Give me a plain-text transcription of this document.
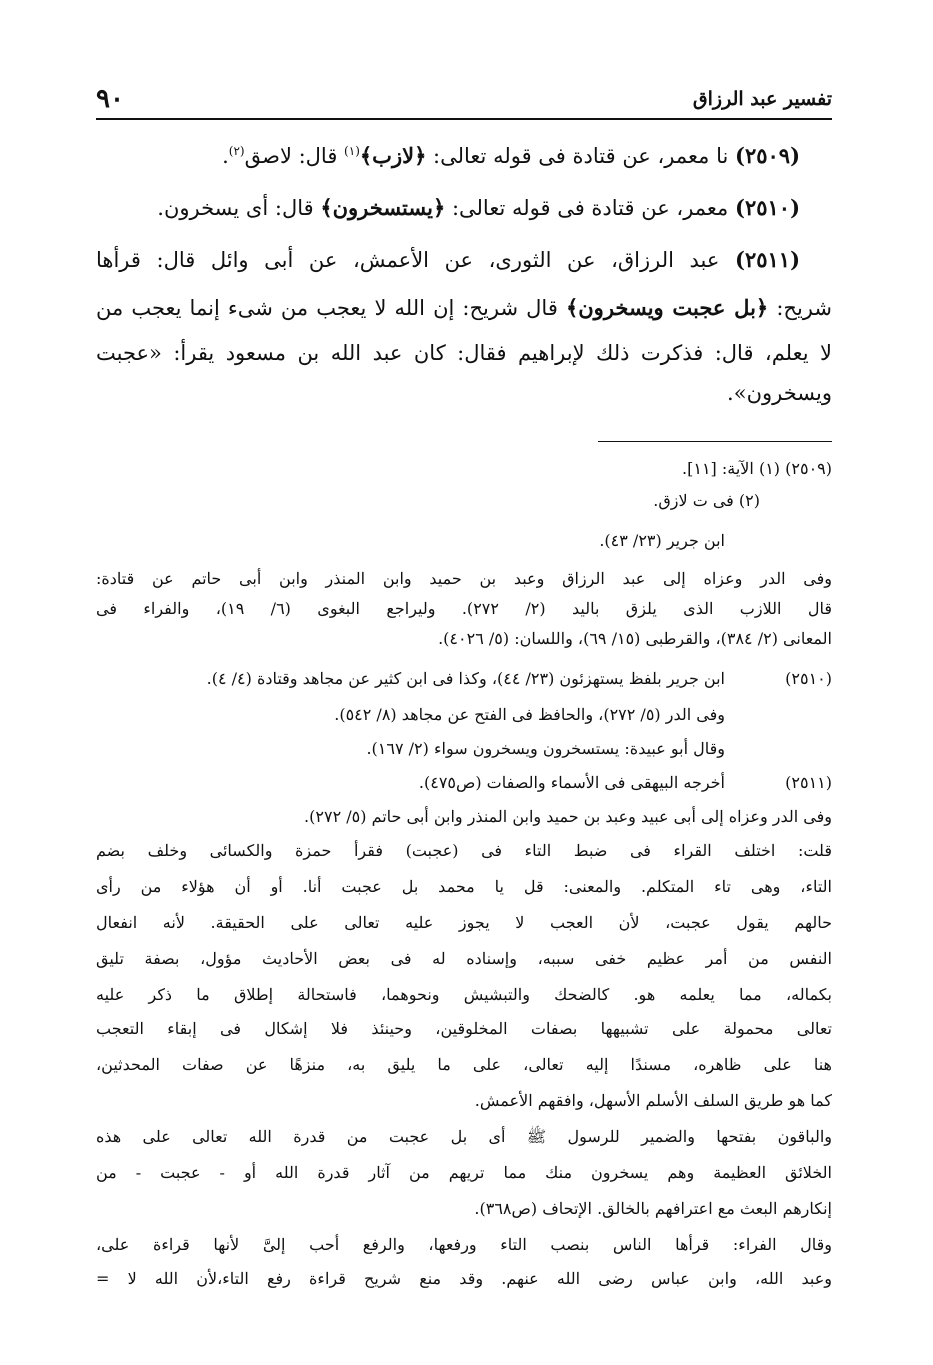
٩٠	تفسير عبد الرزاق
(٢٥٠٩) نا معمر، عن قتادة فى قوله تعالى: ﴿لازب﴾$^{(١)}$ قال: لاصق$^{(٢)}$.
(٢٥١٠) معمر، عن قتادة فى قوله تعالى: ﴿يستسخرون﴾ قال: أى يسخرون.
(٢٥١١) عبد الرزاق، عن الثورى، عن الأعمش، عن أبى وائل قال: قرأها
شريح: ﴿بل عجبت ويسخرون﴾ قال شريح: إن الله لا يعجب من شىء إنما يعجب من
لا يعلم، قال: فذكرت ذلك لإبراهيم فقال: كان عبد الله بن مسعود يقرأ: «عجبت
ويسخرون».
(٢٥٠٩) (١) الآية: [١١].
(٢) فى ت لازق.
ابن جرير (٢٣/ ٤٣).
وفى الدر وعزاه إلى عبد الرزاق وعبد بن حميد وابن المنذر وابن أبى حاتم عن قتادة:
قال اللازب الذى يلزق باليد (٢/ ٢٧٢). وليراجع البغوى (٦/ ١٩)، والفراء فى
المعانى (٢/ ٣٨٤)، والقرطبى (١٥/ ٦٩)، واللسان: (٥/ ٤٠٢٦).
(٢٥١٠)
ابن جرير بلفظ يستهزئون (٢٣/ ٤٤)، وكذا فى ابن كثير عن مجاهد وقتادة (٤/ ٤).
وفى الدر (٥/ ٢٧٢)، والحافظ فى الفتح عن مجاهد (٨/ ٥٤٢).
وقال أبو عبيدة: يستسخرون ويسخرون سواء (٢/ ١٦٧).
(٢٥١١)
أخرجه البيهقى فى الأسماء والصفات (ص٤٧٥).
وفى الدر وعزاه إلى أبى عبيد وعبد بن حميد وابن المنذر وابن أبى حاتم (٥/ ٢٧٢).
قلت: اختلف القراء فى ضبط التاء فى (عجبت) فقرأ حمزة والكسائى وخلف بضم
التاء، وهى تاء المتكلم. والمعنى: قل يا محمد بل عجبت أنا. أو أن هؤلاء من رأى
حالهم يقول عجبت، لأن العجب لا يجوز عليه تعالى على الحقيقة. لأنه انفعال
النفس من أمر عظيم خفى سببه، وإسناده له فى بعض الأحاديث مؤول، بصفة تليق
بكماله، مما يعلمه هو. كالضحك والتبشيش ونحوهما، فاستحالة إطلاق ما ذكر عليه
تعالى محمولة على تشبيهها بصفات المخلوقين، وحينئذ فلا إشكال فى إبقاء التعجب
هنا على ظاهره، مسندًا إليه تعالى، على ما يليق به، منزهًا عن صفات المحدثين،
كما هو طريق السلف الأسلم الأسهل، وافقهم الأعمش.
والباقون بفتحها والضمير للرسول ﷺ أى بل عجبت من قدرة الله تعالى على هذه
الخلائق العظيمة وهم يسخرون منك مما تريهم من آثار قدرة الله أو - عجبت - من
إنكارهم البعث مع اعترافهم بالخالق. الإتحاف (ص٣٦٨).
وقال الفراء: قرأها الناس بنصب التاء ورفعها، والرفع أحب إلىَّ لأنها قراءة على،
وعبد الله، وابن عباس رضى الله عنهم. وقد منع شريح قراءة رفع التاء،لأن الله لا =
